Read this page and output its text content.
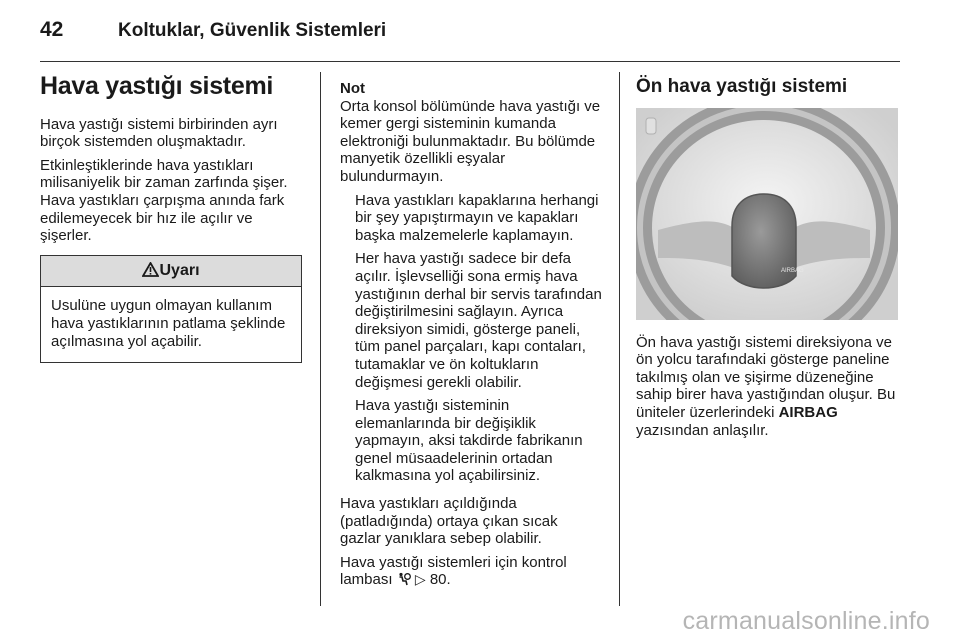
42	Koltuklar, Güvenlik Sistemleri
Hava yastığı sistemi

Hava yastığı sistemi birbirinden ayrı birçok sistemden oluşmaktadır.

Etkinleştiklerinde hava yastıkları milisaniyelik bir zaman zarfında şişer. Hava yastıkları çarpışma anında fark edilemeyecek bir hız ile açılır ve şişerler.

Uyarı
Usulüne uygun olmayan kullanım hava yastıklarının patlama şeklinde açılmasına yol açabilir.
Not

Orta konsol bölümünde hava yastığı ve kemer gergi sisteminin kumanda elektroniği bulunmaktadır. Bu bölümde manyetik özellikli eşyalar bulundurmayın.

Hava yastıkları kapaklarına herhangi bir şey yapıştırmayın ve kapakları başka malzemelerle kaplamayın.

Her hava yastığı sadece bir defa açılır. İşlevselliği sona ermiş hava yastığının derhal bir servis tarafından değiştirilmesini sağlayın. Ayrıca direksiyon simidi, gösterge paneli, tüm panel parçaları, kapı contaları, tutamaklar ve ön koltukların değişmesi gerekli olabilir.

Hava yastığı sisteminin elemanlarında bir değişiklik yapmayın, aksi takdirde fabrikanın genel müsaadelerinin ortadan kalkmasına yol açabilirsiniz.

Hava yastıkları açıldığında (patladığında) ortaya çıkan sıcak gazlar yanıklara sebep olabilir.

Hava yastığı sistemleri için kontrol lambası ▷ 80.

Ön hava yastığı sistemi
AIRBAG

Ön hava yastığı sistemi direksiyona ve ön yolcu tarafındaki gösterge paneline takılmış olan ve şişirme düzeneğine sahip birer hava yastığından oluşur. Bu üniteler üzerlerindeki AIRBAG yazısından anlaşılır.

carmanualsonline.info
